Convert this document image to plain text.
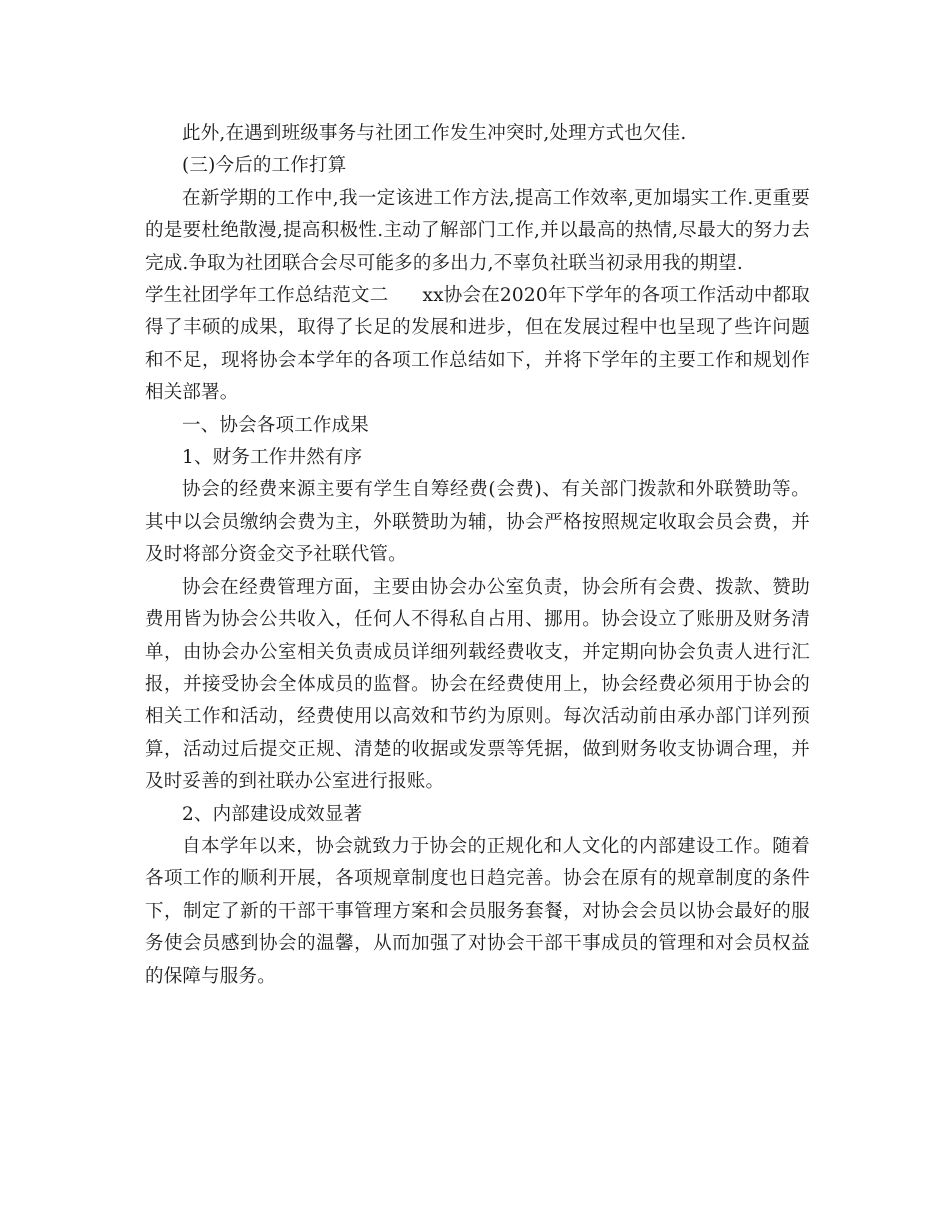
此外,在遇到班级事务与社团工作发生冲突时,处理方式也欠佳.

(三)今后的工作打算

在新学期的工作中,我一定该进工作方法,提高工作效率,更加塌实工作.更重要的是要杜绝散漫,提高积极性.主动了解部门工作,并以最高的热情,尽最大的努力去完成.争取为社团联合会尽可能多的多出力,不辜负社联当初录用我的期望.

学生社团学年工作总结范文二 xx协会在2020年下学年的各项工作活动中都取得了丰硕的成果，取得了长足的发展和进步，但在发展过程中也呈现了些许问题和不足，现将协会本学年的各项工作总结如下，并将下学年的主要工作和规划作相关部署。

一、协会各项工作成果

1、财务工作井然有序

协会的经费来源主要有学生自筹经费(会费)、有关部门拨款和外联赞助等。其中以会员缴纳会费为主，外联赞助为辅，协会严格按照规定收取会员会费，并及时将部分资金交予社联代管。

协会在经费管理方面，主要由协会办公室负责，协会所有会费、拨款、赞助费用皆为协会公共收入，任何人不得私自占用、挪用。协会设立了账册及财务清单，由协会办公室相关负责成员详细列载经费收支，并定期向协会负责人进行汇报，并接受协会全体成员的监督。协会在经费使用上，协会经费必须用于协会的相关工作和活动，经费使用以高效和节约为原则。每次活动前由承办部门详列预算，活动过后提交正规、清楚的收据或发票等凭据，做到财务收支协调合理，并及时妥善的到社联办公室进行报账。

2、内部建设成效显著

自本学年以来，协会就致力于协会的正规化和人文化的内部建设工作。随着各项工作的顺利开展，各项规章制度也日趋完善。协会在原有的规章制度的条件下，制定了新的干部干事管理方案和会员服务套餐，对协会会员以协会最好的服务使会员感到协会的温馨，从而加强了对协会干部干事成员的管理和对会员权益的保障与服务。
